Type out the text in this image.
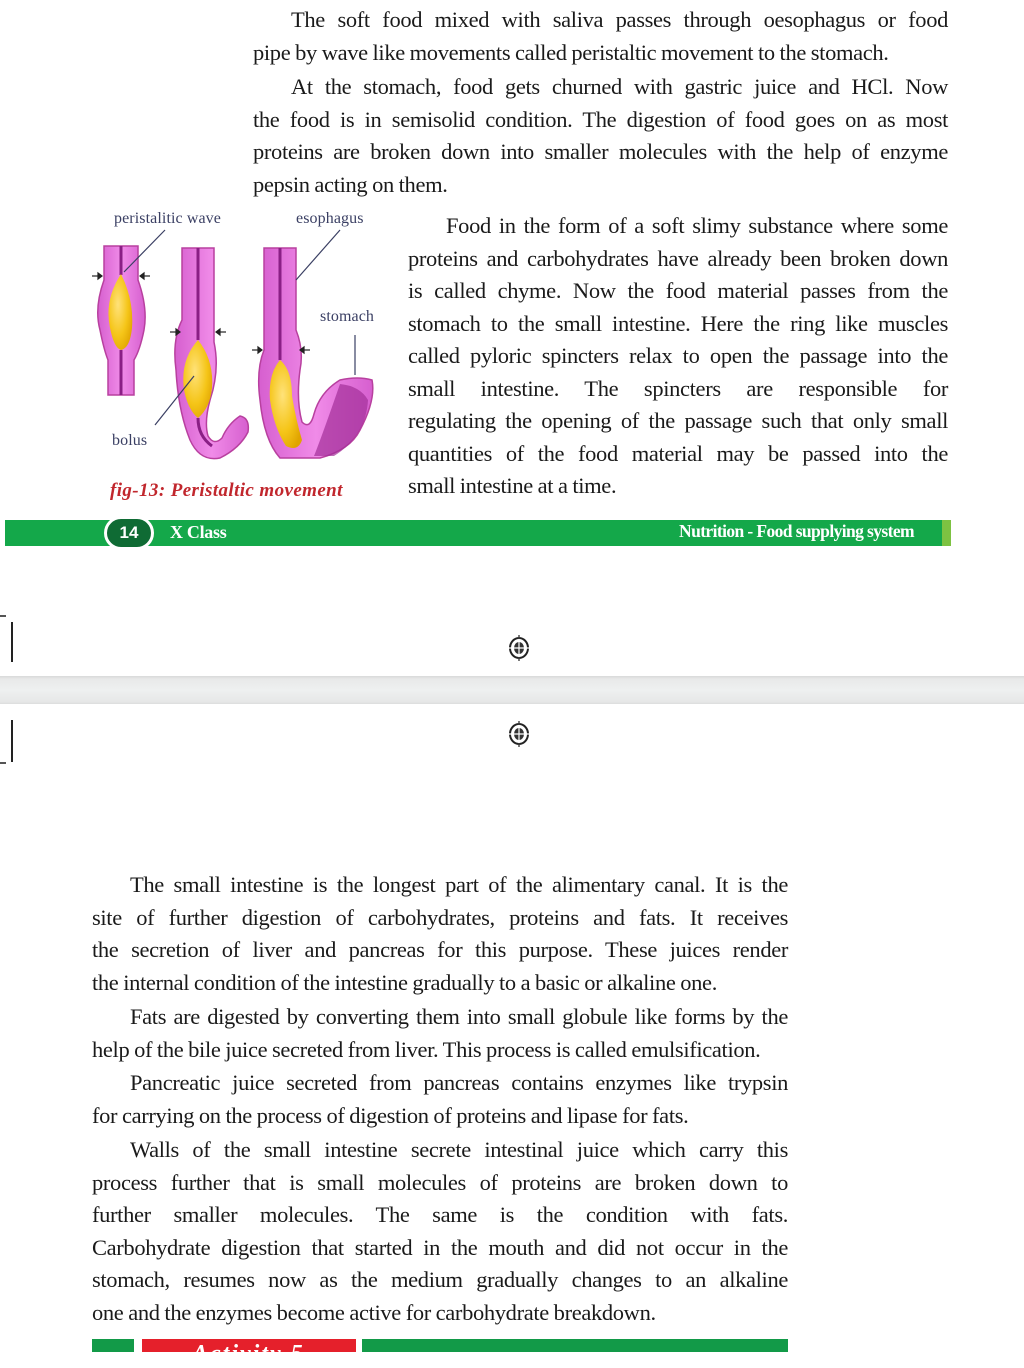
The soft food mixed with saliva passes through oesophagus or food
pipe by wave like movements called peristaltic movement to the stomach.

At the stomach, food gets churned with gastric juice and HCl. Now
the food is in semisolid condition. The digestion of food goes on as most
proteins are broken down into smaller molecules with the help of enzyme
pepsin acting on them.

peristalitic wave	esophagus
stomach
bolus
fig-13: Peristaltic movement

Food in the form of a soft slimy substance where some
proteins and carbohydrates have already been broken down
is called chyme. Now the food material passes from the
stomach to the small intestine. Here the ring like muscles
called pyloric spincters relax to open the passage into the
small intestine. The spincters are responsible for
regulating the opening of the passage such that only small
quantities of the food material may be passed into the
small intestine at a time.

14	X Class	Nutrition - Food supplying system

The small intestine is the longest part of the alimentary canal. It is the
site of further digestion of carbohydrates, proteins and fats. It receives
the secretion of liver and pancreas for this purpose. These juices render
the internal condition of the intestine gradually to a basic or alkaline one.

Fats are digested by converting them into small globule like forms by the
help of the bile juice secreted from liver. This process is called emulsification.

Pancreatic juice secreted from pancreas contains enzymes like trypsin
for carrying on the process of digestion of proteins and lipase for fats.

Walls of the small intestine secrete intestinal juice which carry this
process further that is small molecules of proteins are broken down to
further smaller molecules. The same is the condition with fats.
Carbohydrate digestion that started in the mouth and did not occur in the
stomach, resumes now as the medium gradually changes to an alkaline
one and the enzymes become active for carbohydrate breakdown.

Activity 5
